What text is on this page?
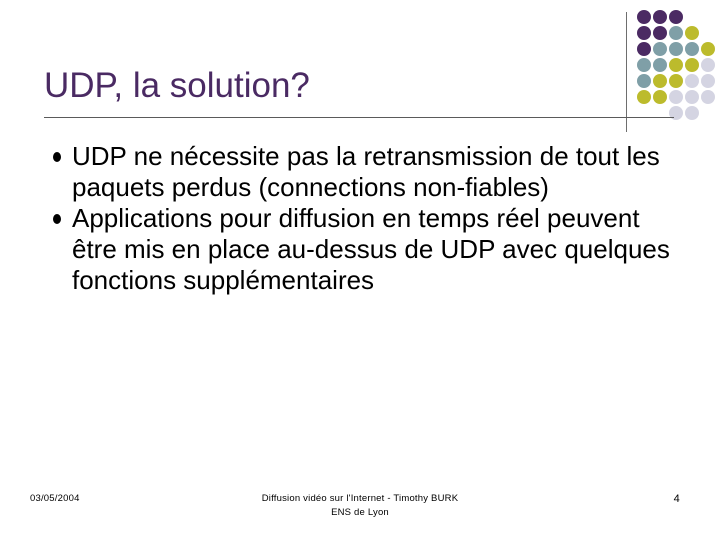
UDP, la solution?
UDP ne nécessite pas la retransmission de tout les paquets perdus (connections non-fiables)
Applications pour diffusion en temps réel peuvent être mis en place au-dessus de UDP avec quelques fonctions supplémentaires
03/05/2004	Diffusion vidéo sur l'Internet - Timothy BURK
ENS de Lyon
4
